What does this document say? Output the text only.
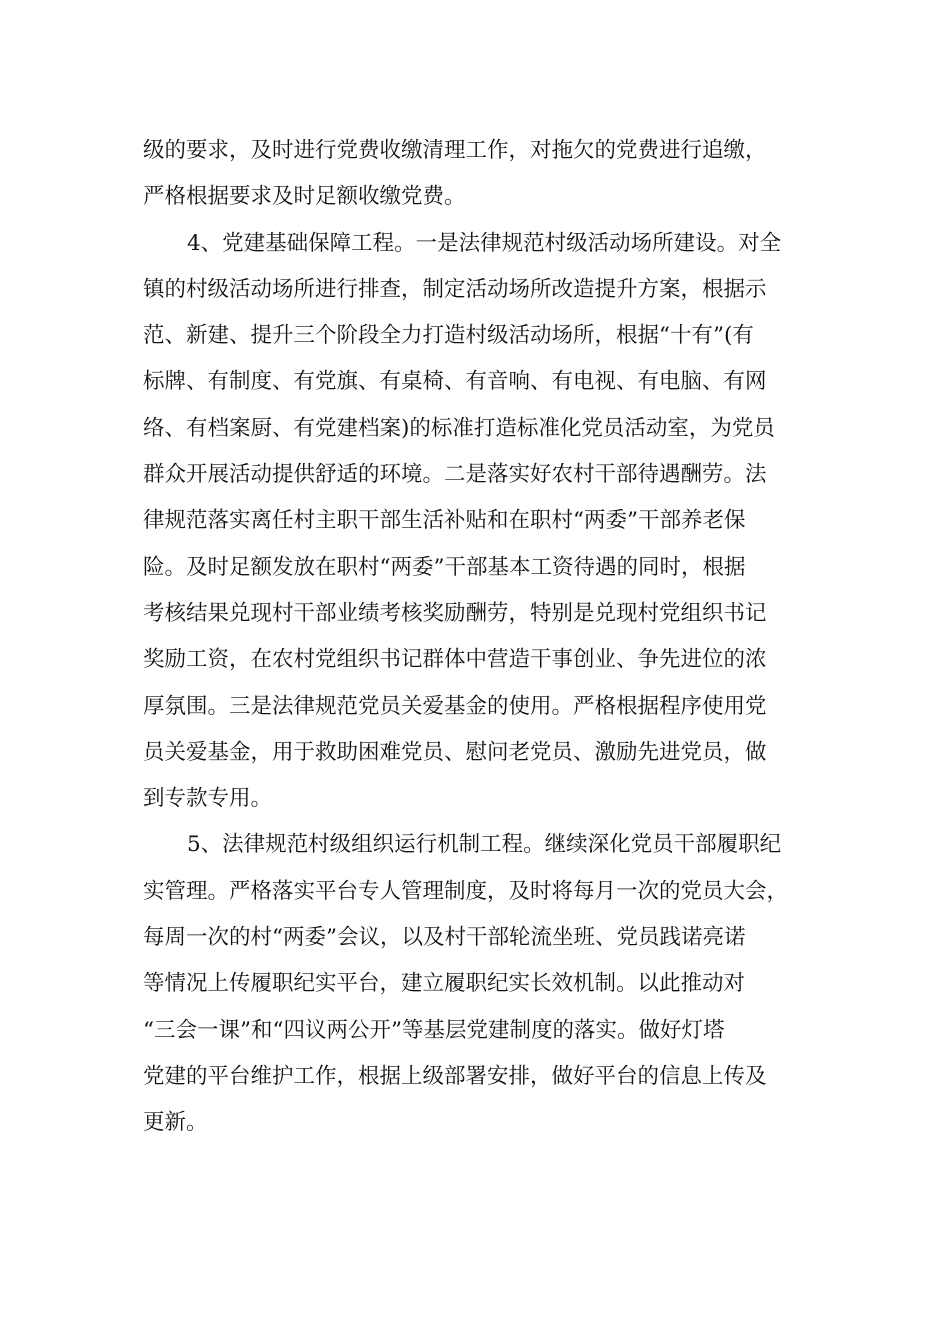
级的要求，及时进行党费收缴清理工作，对拖欠的党费进行追缴，

严格根据要求及时足额收缴党费。

4、党建基础保障工程。一是法律规范村级活动场所建设。对全

镇的村级活动场所进行排查，制定活动场所改造提升方案，根据示

范、新建、提升三个阶段全力打造村级活动场所，根据“十有”(有

标牌、有制度、有党旗、有桌椅、有音响、有电视、有电脑、有网

络、有档案厨、有党建档案)的标准打造标准化党员活动室，为党员

群众开展活动提供舒适的环境。二是落实好农村干部待遇酬劳。法

律规范落实离任村主职干部生活补贴和在职村“两委”干部养老保

险。及时足额发放在职村“两委”干部基本工资待遇的同时，根据

考核结果兑现村干部业绩考核奖励酬劳，特别是兑现村党组织书记

奖励工资，在农村党组织书记群体中营造干事创业、争先进位的浓

厚氛围。三是法律规范党员关爱基金的使用。严格根据程序使用党

员关爱基金，用于救助困难党员、慰问老党员、激励先进党员，做

到专款专用。

5、法律规范村级组织运行机制工程。继续深化党员干部履职纪

实管理。严格落实平台专人管理制度，及时将每月一次的党员大会，

每周一次的村“两委”会议，以及村干部轮流坐班、党员践诺亮诺

等情况上传履职纪实平台，建立履职纪实长效机制。以此推动对

“三会一课”和“四议两公开”等基层党建制度的落实。做好灯塔

党建的平台维护工作，根据上级部署安排，做好平台的信息上传及

更新。
